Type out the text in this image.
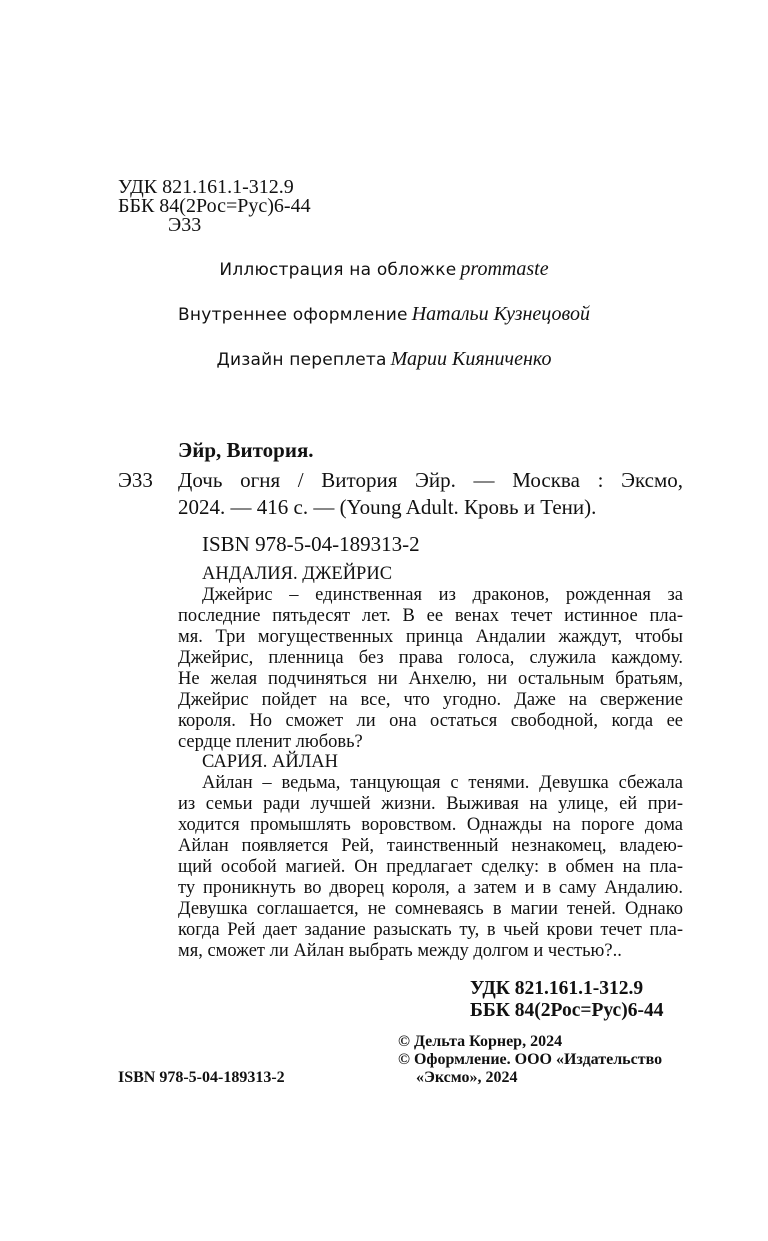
УДК 821.161.1-312.9
ББК 84(2Рос=Рус)6-44
Э33
Иллюстрация на обложке prommaste
Внутреннее оформление Натальи Кузнецовой
Дизайн переплета Марии Кияниченко
Эйр, Витория.
Э33 Дочь огня / Витория Эйр. — Москва : Эксмо,
2024. — 416 с. — (Young Adult. Кровь и Тени).
ISBN 978-5-04-189313-2
АНДАЛИЯ. ДЖЕЙРИС
Джейрис – единственная из драконов, рожденная за
последние пятьдесят лет. В ее венах течет истинное пла-
мя. Три могущественных принца Андалии жаждут, чтобы
Джейрис, пленница без права голоса, служила каждому.
Не желая подчиняться ни Анхелю, ни остальным братьям,
Джейрис пойдет на все, что угодно. Даже на свержение
короля. Но сможет ли она остаться свободной, когда ее
сердце пленит любовь?
САРИЯ. АЙЛАН
Айлан – ведьма, танцующая с тенями. Девушка сбежала
из семьи ради лучшей жизни. Выживая на улице, ей при-
ходится промышлять воровством. Однажды на пороге дома
Айлан появляется Рей, таинственный незнакомец, владею-
щий особой магией. Он предлагает сделку: в обмен на пла-
ту проникнуть во дворец короля, а затем и в саму Андалию.
Девушка соглашается, не сомневаясь в магии теней. Однако
когда Рей дает задание разыскать ту, в чьей крови течет пла-
мя, сможет ли Айлан выбрать между долгом и честью?..
УДК 821.161.1-312.9
ББК 84(2Рос=Рус)6-44
ISBN 978-5-04-189313-2
© Дельта Корнер, 2024
© Оформление. ООО «Издательство
«Эксмо», 2024
